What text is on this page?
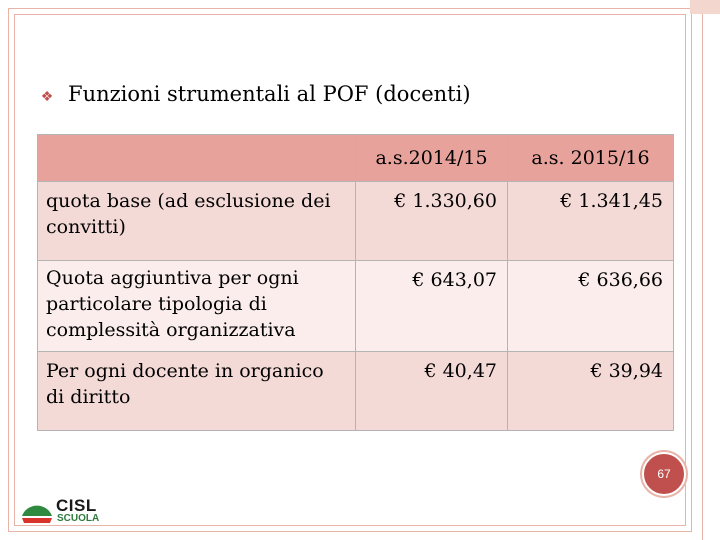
❖ Funzioni strumentali al POF (docenti)
	a.s.2014/15	a.s. 2015/16
quota base (ad esclusione dei convitti)	€ 1.330,60	€ 1.341,45
Quota aggiuntiva per ogni particolare tipologia di complessità organizzativa	€ 643,07	€ 636,66
Per ogni docente in organico di diritto	€ 40,47	€ 39,94
67
CISL
SCUOLA
